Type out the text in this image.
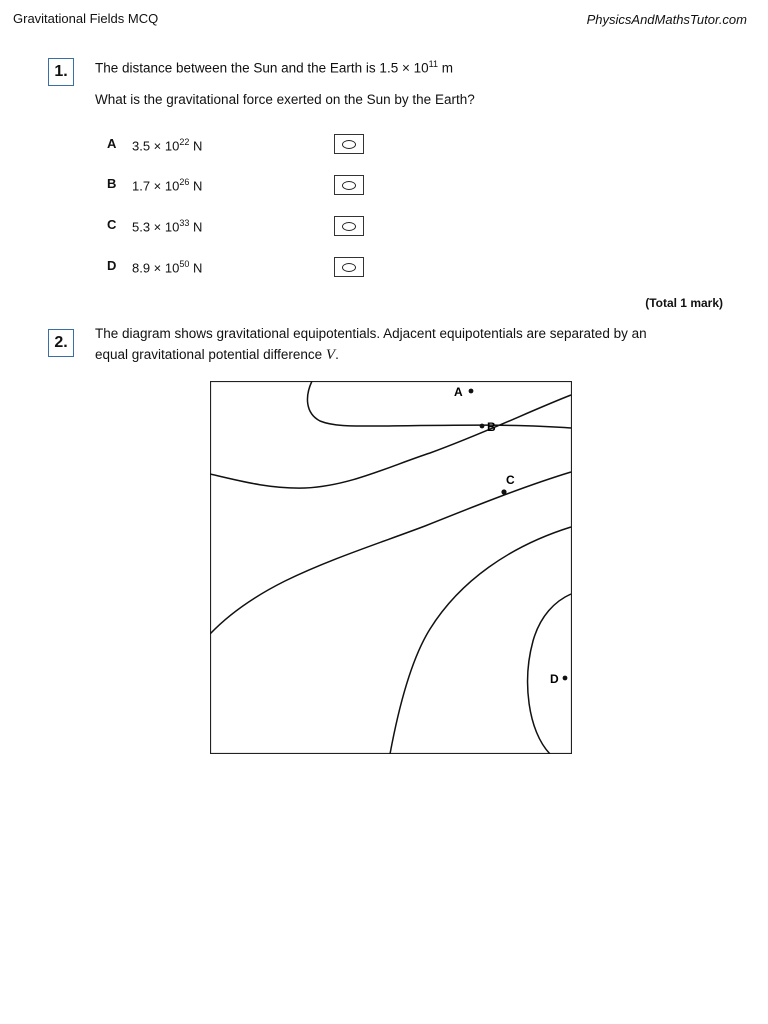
Gravitational Fields MCQ	PhysicsAndMathsTutor.com
1.	The distance between the Sun and the Earth is $1.5 \times 10^{11}$ m
What is the gravitational force exerted on the Sun by the Earth?
A $3.5 \times 10^{22}$ N
B $1.7 \times 10^{26}$ N
C $5.3 \times 10^{33}$ N
D $8.9 \times 10^{50}$ N
(Total 1 mark)
2.
The diagram shows gravitational equipotentials. Adjacent equipotentials are separated by an
equal gravitational potential difference V.
A
B
C
D
